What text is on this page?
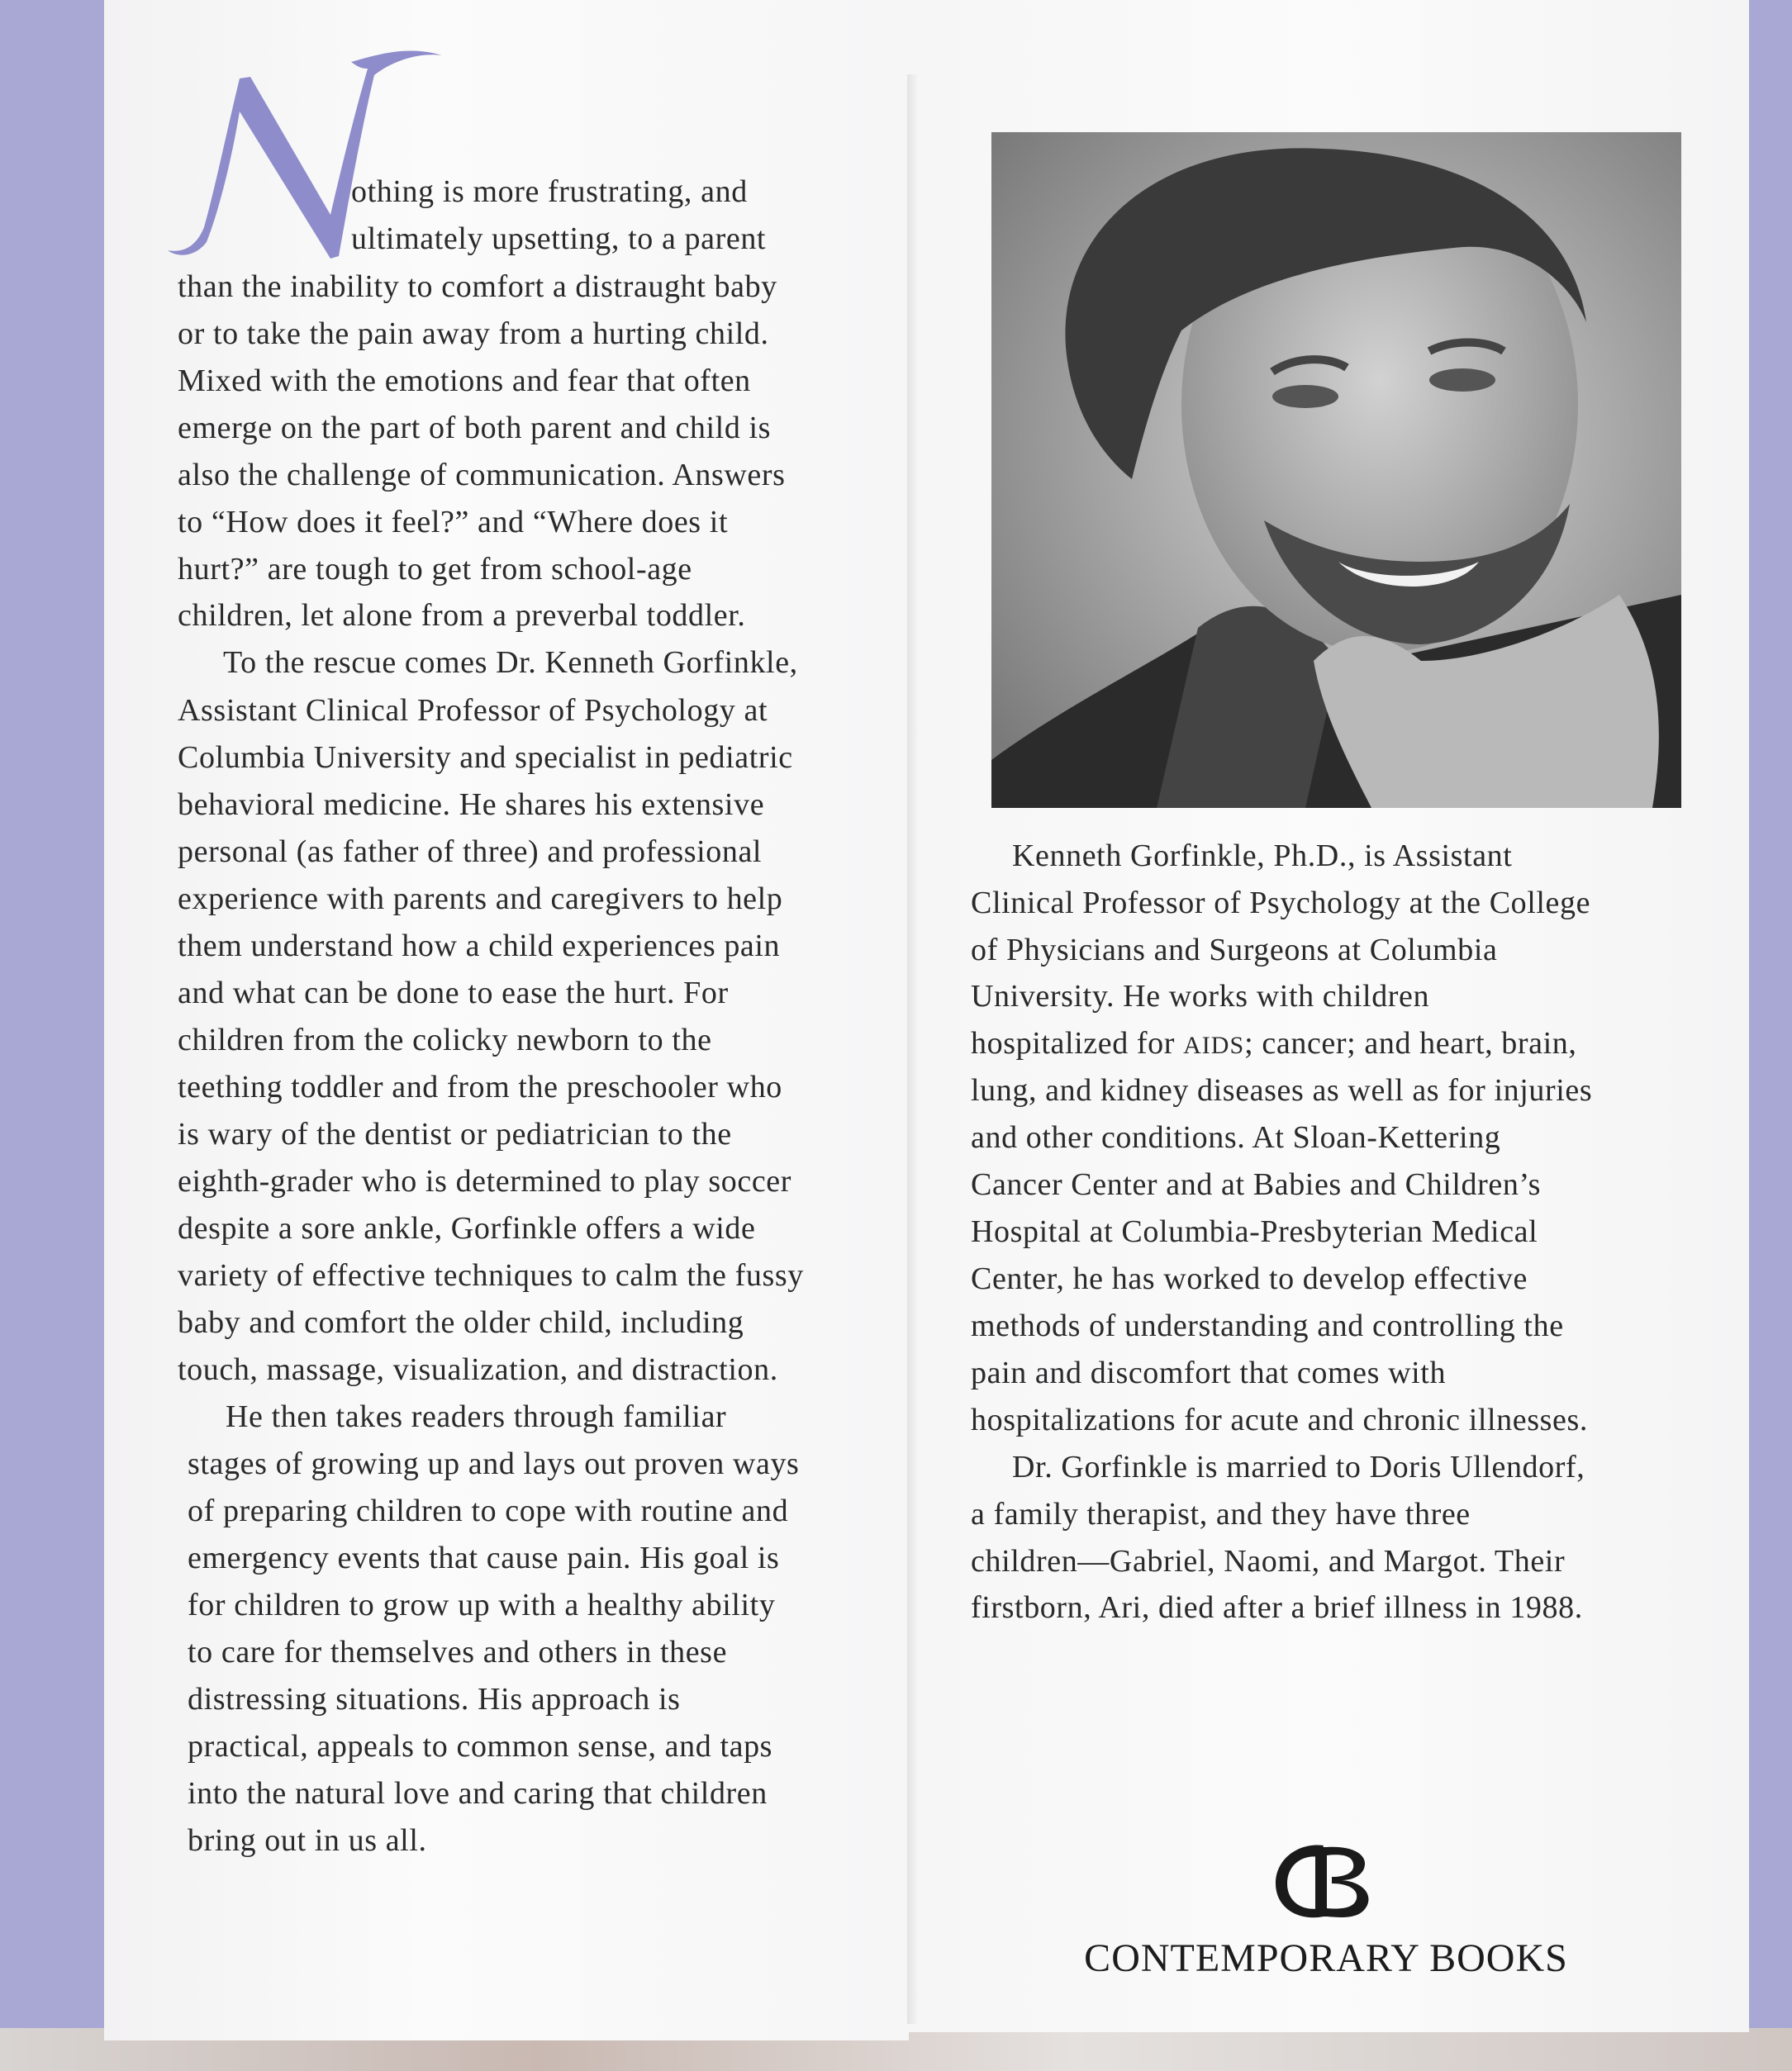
othing is more frustrating, and
ultimately upsetting, to a parent
than the inability to comfort a distraught baby
or to take the pain away from a hurting child.
Mixed with the emotions and fear that often
emerge on the part of both parent and child is
also the challenge of communication. Answers
to “How does it feel?” and “Where does it
hurt?” are tough to get from school-age
children, let alone from a preverbal toddler.
To the rescue comes Dr. Kenneth Gorfinkle,
Assistant Clinical Professor of Psychology at
Columbia University and specialist in pediatric
behavioral medicine. He shares his extensive
personal (as father of three) and professional
experience with parents and caregivers to help
them understand how a child experiences pain
and what can be done to ease the hurt. For
children from the colicky newborn to the
teething toddler and from the preschooler who
is wary of the dentist or pediatrician to the
eighth-grader who is determined to play soccer
despite a sore ankle, Gorfinkle offers a wide
variety of effective techniques to calm the fussy
baby and comfort the older child, including
touch, massage, visualization, and distraction.
He then takes readers through familiar
stages of growing up and lays out proven ways
of preparing children to cope with routine and
emergency events that cause pain. His goal is
for children to grow up with a healthy ability
to care for themselves and others in these
distressing situations. His approach is
practical, appeals to common sense, and taps
into the natural love and caring that children
bring out in us all.
Kenneth Gorfinkle, Ph.D., is Assistant
Clinical Professor of Psychology at the College
of Physicians and Surgeons at Columbia
University. He works with children
hospitalized for AIDS; cancer; and heart, brain,
lung, and kidney diseases as well as for injuries
and other conditions. At Sloan-Kettering
Cancer Center and at Babies and Children’s
Hospital at Columbia-Presbyterian Medical
Center, he has worked to develop effective
methods of understanding and controlling the
pain and discomfort that comes with
hospitalizations for acute and chronic illnesses.
Dr. Gorfinkle is married to Doris Ullendorf,
a family therapist, and they have three
children—Gabriel, Naomi, and Margot. Their
firstborn, Ari, died after a brief illness in 1988.
CONTEMPORARY BOOKS
